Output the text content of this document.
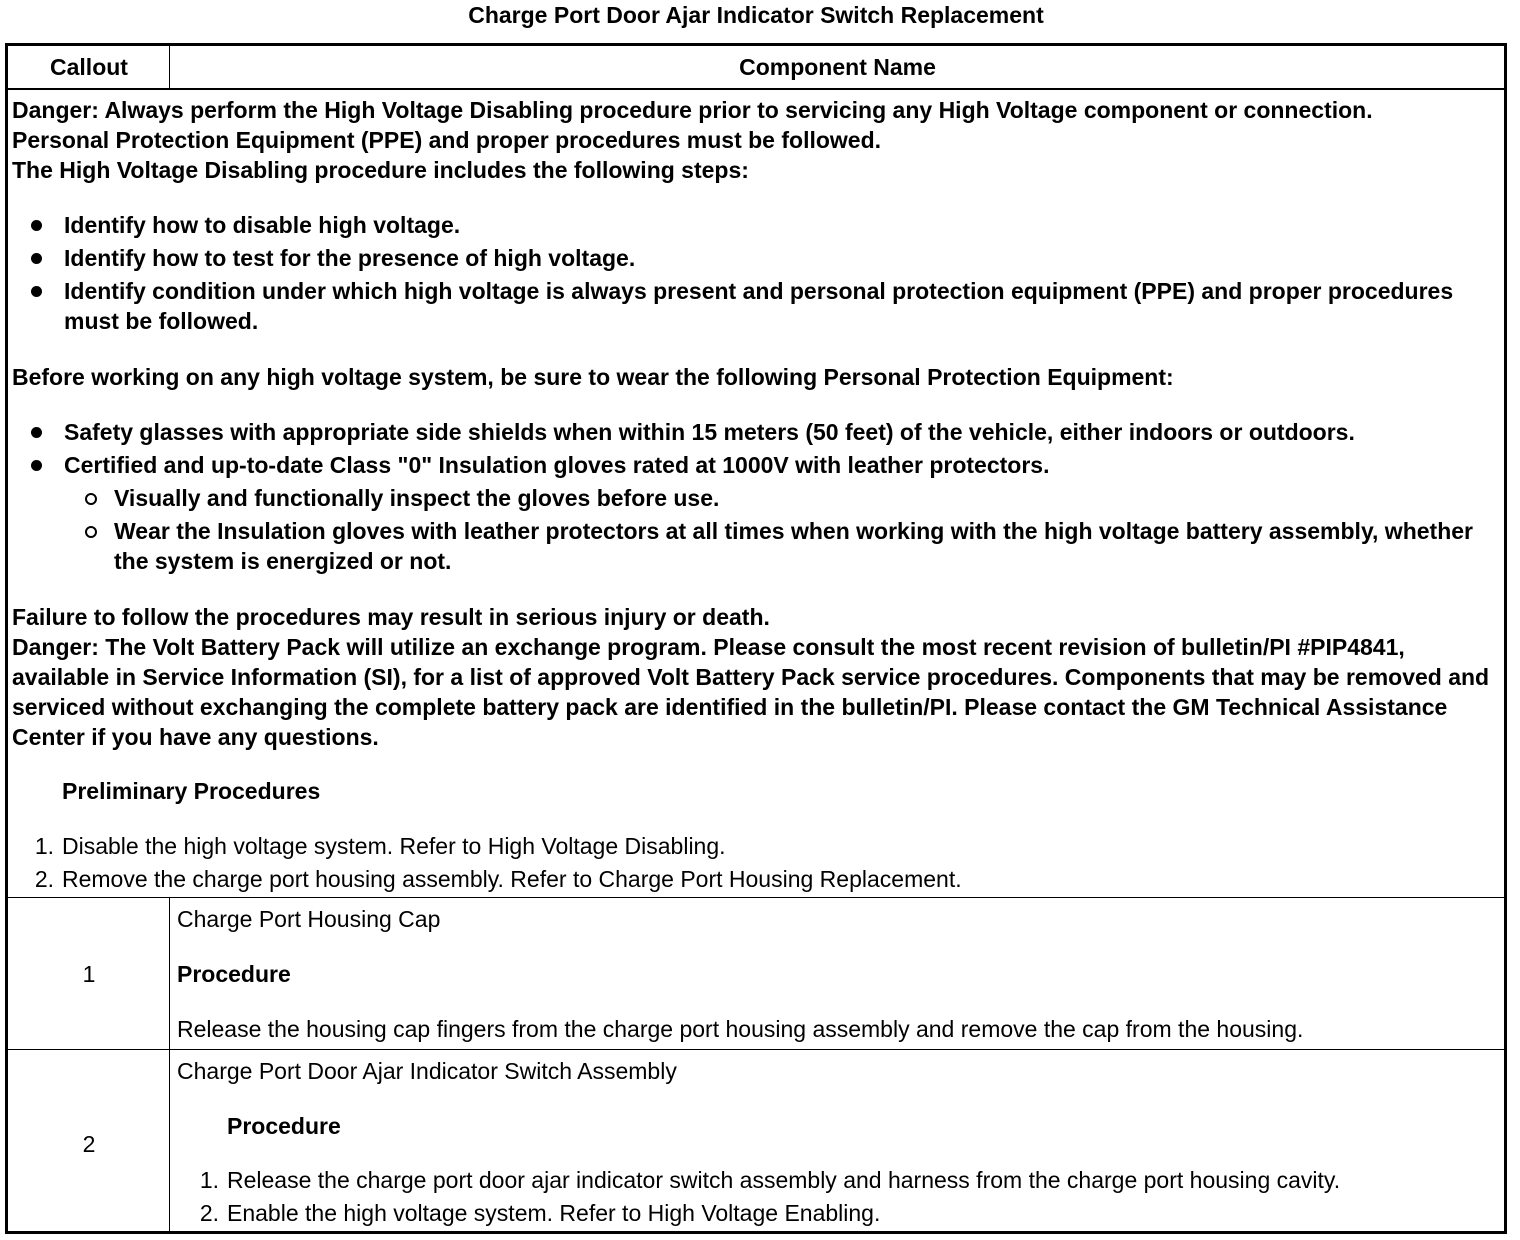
Charge Port Door Ajar Indicator Switch Replacement
Callout	Component Name

Danger: Always perform the High Voltage Disabling procedure prior to servicing any High Voltage component or connection.

Personal Protection Equipment (PPE) and proper procedures must be followed.

The High Voltage Disabling procedure includes the following steps:

Identify how to disable high voltage.
Identify how to test for the presence of high voltage.
Identify condition under which high voltage is always present and personal protection equipment (PPE) and proper procedures must be followed.

Before working on any high voltage system, be sure to wear the following Personal Protection Equipment:

Safety glasses with appropriate side shields when within 15 meters (50 feet) of the vehicle, either indoors or outdoors.
Certified and up-to-date Class "0" Insulation gloves rated at 1000V with leather protectors.
Visually and functionally inspect the gloves before use.
Wear the Insulation gloves with leather protectors at all times when working with the high voltage battery assembly, whether the system is energized or not.

Failure to follow the procedures may result in serious injury or death.

Danger: The Volt Battery Pack will utilize an exchange program. Please consult the most recent revision of bulletin/PI #PIP4841, available in Service Information (SI), for a list of approved Volt Battery Pack service procedures. Components that may be removed and serviced without exchanging the complete battery pack are identified in the bulletin/PI. Please contact the GM Technical Assistance Center if you have any questions.

Preliminary Procedures
1. Disable the high voltage system. Refer to High Voltage Disabling.
2. Remove the charge port housing assembly. Refer to Charge Port Housing Replacement.
1
Charge Port Housing Cap
Procedure
Release the housing cap fingers from the charge port housing assembly and remove the cap from the housing.
2
Charge Port Door Ajar Indicator Switch Assembly
Procedure
1. Release the charge port door ajar indicator switch assembly and harness from the charge port housing cavity.
2. Enable the high voltage system. Refer to High Voltage Enabling.
